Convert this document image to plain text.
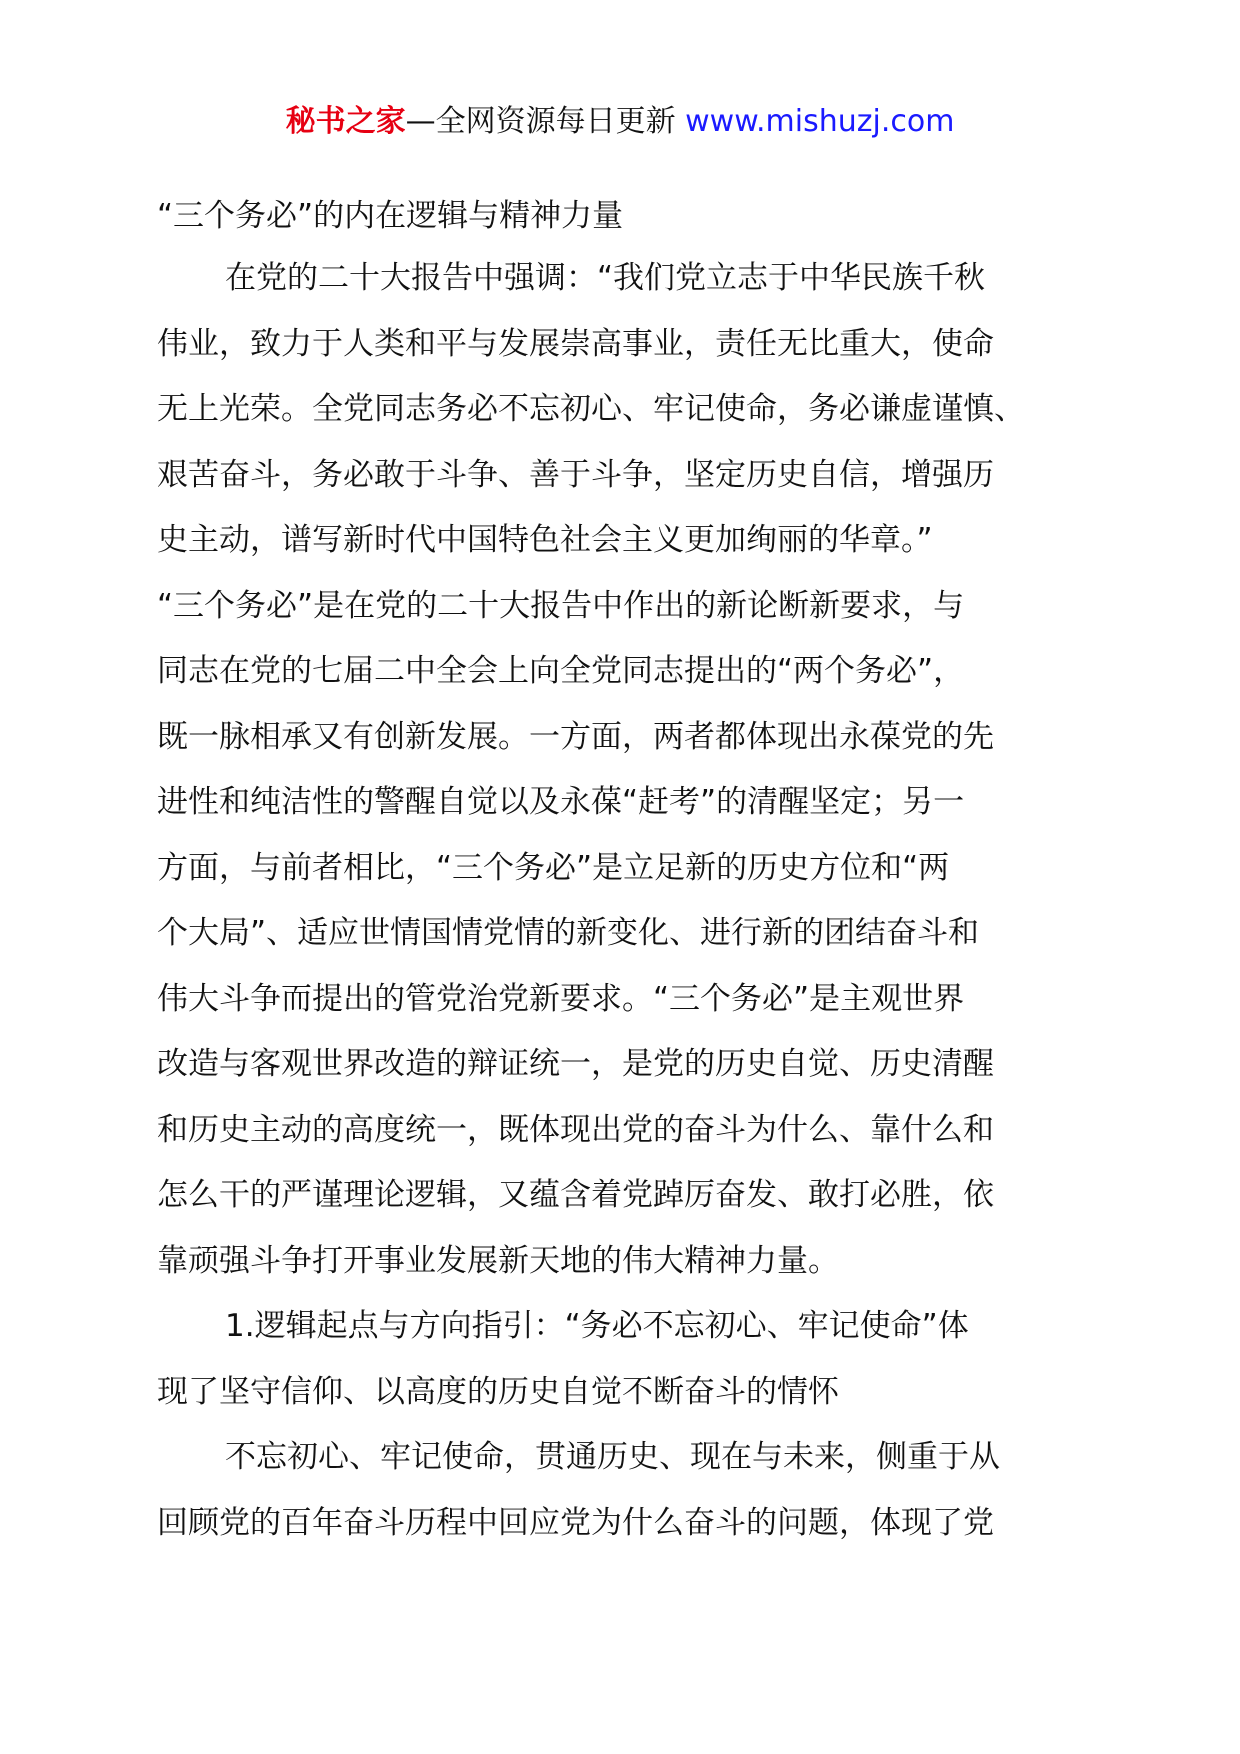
秘书之家—全网资源每日更新 www.mishuzj.com

“三个务必”的内在逻辑与精神力量

在党的二十大报告中强调：“我们党立志于中华民族千秋
伟业，致力于人类和平与发展崇高事业，责任无比重大，使命
无上光荣。全党同志务必不忘初心、牢记使命，务必谦虚谨慎、
艰苦奋斗，务必敢于斗争、善于斗争，坚定历史自信，增强历
史主动，谱写新时代中国特色社会主义更加绚丽的华章。”
“三个务必”是在党的二十大报告中作出的新论断新要求，与
同志在党的七届二中全会上向全党同志提出的“两个务必”，
既一脉相承又有创新发展。一方面，两者都体现出永葆党的先
进性和纯洁性的警醒自觉以及永葆“赶考”的清醒坚定；另一
方面，与前者相比，“三个务必”是立足新的历史方位和“两
个大局”、适应世情国情党情的新变化、进行新的团结奋斗和
伟大斗争而提出的管党治党新要求。“三个务必”是主观世界
改造与客观世界改造的辩证统一，是党的历史自觉、历史清醒
和历史主动的高度统一，既体现出党的奋斗为什么、靠什么和
怎么干的严谨理论逻辑，又蕴含着党踔厉奋发、敢打必胜，依
靠顽强斗争打开事业发展新天地的伟大精神力量。

1.逻辑起点与方向指引：“务必不忘初心、牢记使命”体
现了坚守信仰、以高度的历史自觉不断奋斗的情怀

不忘初心、牢记使命，贯通历史、现在与未来，侧重于从
回顾党的百年奋斗历程中回应党为什么奋斗的问题，体现了党
